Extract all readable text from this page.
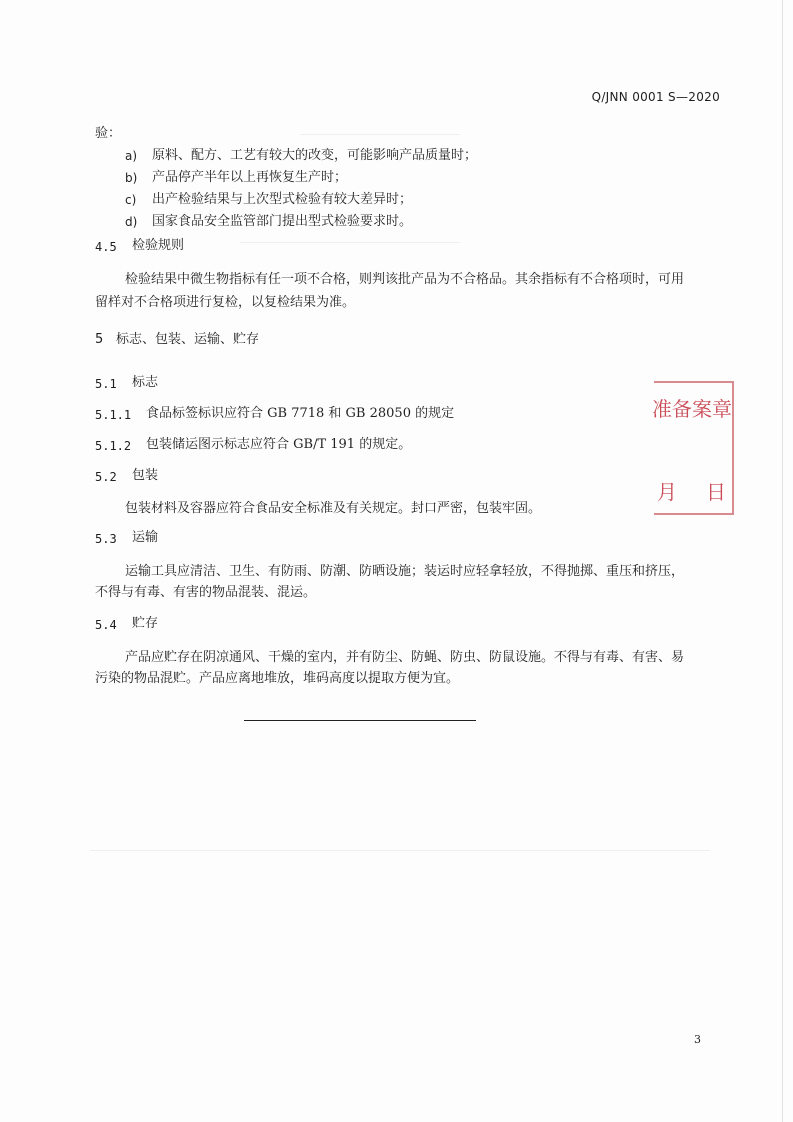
Q/JNN 0001 S—2020
验：
a) 原料、配方、工艺有较大的改变，可能影响产品质量时；
b) 产品停产半年以上再恢复生产时；
c) 出产检验结果与上次型式检验有较大差异时；
d) 国家食品安全监管部门提出型式检验要求时。
4.5 检验规则
检验结果中微生物指标有任一项不合格，则判该批产品为不合格品。其余指标有不合格项时，可用
留样对不合格项进行复检，以复检结果为准。
5 标志、包装、运输、贮存
5.1 标志
5.1.1 食品标签标识应符合 GB 7718 和 GB 28050 的规定
5.1.2 包装储运图示标志应符合 GB/T 191 的规定。
5.2 包装
包装材料及容器应符合食品安全标准及有关规定。封口严密，包装牢固。
5.3 运输
运输工具应清洁、卫生、有防雨、防潮、防晒设施；装运时应轻拿轻放，不得抛掷、重压和挤压，
不得与有毒、有害的物品混装、混运。
5.4 贮存
产品应贮存在阴凉通风、干燥的室内，并有防尘、防蝇、防虫、防鼠设施。不得与有毒、有害、易
污染的物品混贮。产品应离地堆放，堆码高度以提取方便为宜。
准备案章
月 日
3
